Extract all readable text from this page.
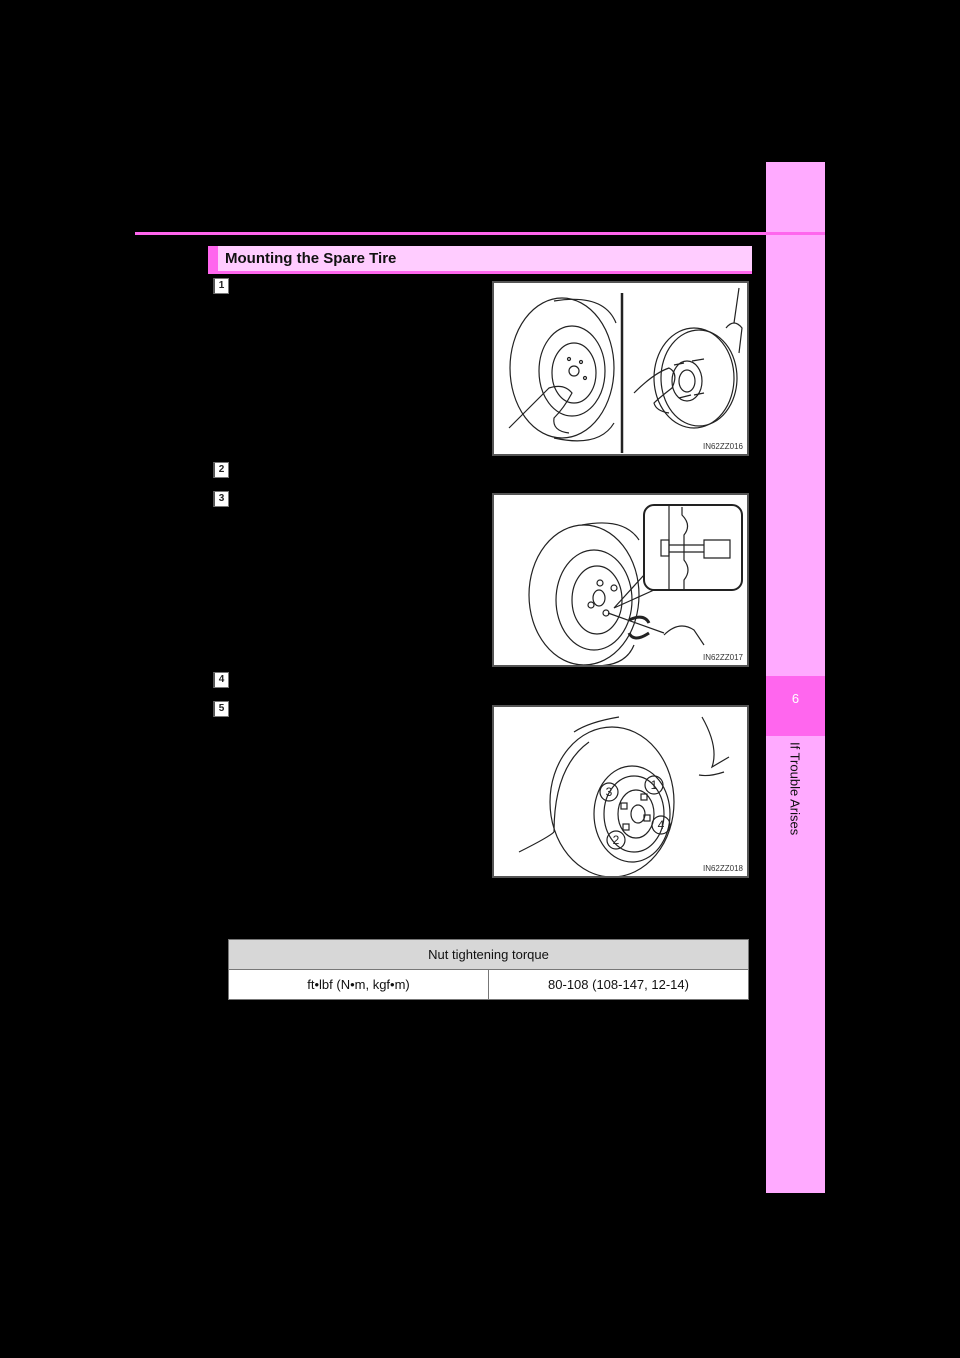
6
If Trouble Arises
Mounting the Spare Tire
1
2
3
4
5
IN62ZZ016
IN62ZZ017
1
2
3
4
IN62ZZ018
Nut tightening torque
ft•lbf (N•m, kgf•m)	80-108 (108-147, 12-14)
